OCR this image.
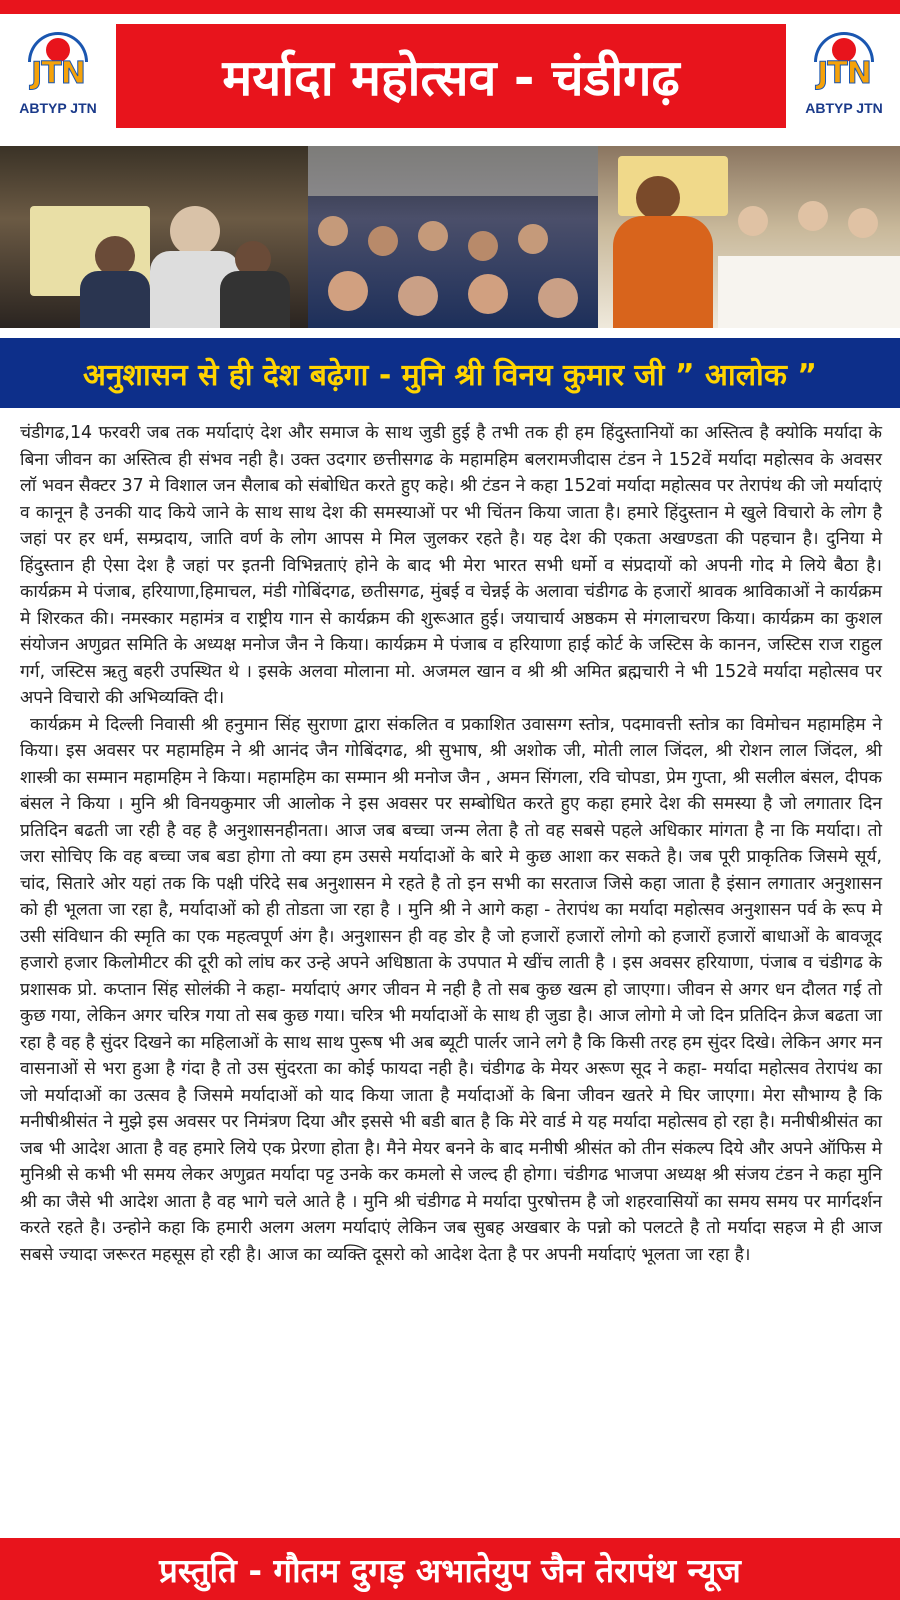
JTN
ABTYP JTN
मर्यादा महोत्सव - चंडीगढ़	JTN
ABTYP JTN
अनुशासन से ही देश बढ़ेगा - मुनि श्री विनय कुमार जी ” आलोक ”

चंडीगढ,14 फरवरी जब तक मर्यादाएं देश और समाज के साथ जुडी हुई है तभी तक ही हम हिंदुस्तानियों का अस्तित्व है क्योकि मर्यादा के बिना जीवन का अस्तित्व ही संभव नही है। उक्त उदगार छत्तीसगढ के महामहिम बलरामजीदास टंडन ने 152वें मर्यादा महोत्सव के अवसर लॉ भवन सैक्टर 37 मे विशाल जन सैलाब को संबोधित करते हुए कहे। श्री टंडन ने कहा 152वां मर्यादा महोत्सव पर तेरापंथ की जो मर्यादाएं व कानून है उनकी याद किये जाने के साथ साथ देश की समस्याओं पर भी चिंतन किया जाता है। हमारे हिंदुस्तान मे खुले विचारो के लोग है जहां पर हर धर्म, सम्प्रदाय, जाति वर्ण के लोग आपस मे मिल जुलकर रहते है। यह देश की एकता अखण्डता की पहचान है। दुनिया मे हिंदुस्तान ही ऐसा देश है जहां पर इतनी विभिन्नताएं होने के बाद भी मेरा भारत सभी धर्मो व संप्रदायों को अपनी गोद मे लिये बैठा है। कार्यक्रम मे पंजाब, हरियाणा,हिमाचल, मंडी गोबिंदगढ, छतीसगढ, मुंबई व चेन्नई के अलावा चंडीगढ के हजारों श्रावक श्राविकाओं ने कार्यक्रम मे शिरकत की। नमस्कार महामंत्र व राष्ट्रीय गान से कार्यक्रम की शुरूआत हुई। जयाचार्य अष्ठकम से मंगलाचरण किया। कार्यक्रम का कुशल संयोजन अणुव्रत समिति के अध्यक्ष मनोज जैन ने किया। कार्यक्रम मे पंजाब व हरियाणा हाई कोर्ट के जस्टिस के कानन, जस्टिस राज राहुल गर्ग, जस्टिस ऋतु बहरी उपस्थित थे । इसके अलवा मोलाना मो. अजमल खान व श्री श्री अमित ब्रह्मचारी ने भी 152वे मर्यादा महोत्सव पर अपने विचारो की अभिव्यक्ति दी।

कार्यक्रम मे दिल्ली निवासी श्री हनुमान सिंह सुराणा द्वारा संकलित व प्रकाशित उवासग्ग स्तोत्र, पदमावत्ती स्तोत्र का विमोचन महामहिम ने किया। इस अवसर पर महामहिम ने श्री आनंद जैन गोबिंदगढ, श्री सुभाष, श्री अशोक जी, मोती लाल जिंदल, श्री रोशन लाल जिंदल, श्री शास्त्री का सम्मान महामहिम ने किया। महामहिम का सम्मान श्री मनोज जैन , अमन सिंगला, रवि चोपडा, प्रेम गुप्ता, श्री सलील बंसल, दीपक बंसल ने किया । मुनि श्री विनयकुमार जी आलोक ने इस अवसर पर सम्बोधित करते हुए कहा हमारे देश की समस्या है जो लगातार दिन प्रतिदिन बढती जा रही है वह है अनुशासनहीनता। आज जब बच्चा जन्म लेता है तो वह सबसे पहले अधिकार मांगता है ना कि मर्यादा। तो जरा सोचिए कि वह बच्चा जब बडा होगा तो क्या हम उससे मर्यादाओं के बारे मे कुछ आशा कर सकते है। जब पूरी प्राकृतिक जिसमे सूर्य, चांद, सितारे ओर यहां तक कि पक्षी पंरिदे सब अनुशासन मे रहते है तो इन सभी का सरताज जिसे कहा जाता है इंसान लगातार अनुशासन को ही भूलता जा रहा है, मर्यादाओं को ही तोडता जा रहा है । मुनि श्री ने आगे कहा - तेरापंथ का मर्यादा महोत्सव अनुशासन पर्व के रूप मे उसी संविधान की स्मृति का एक महत्वपूर्ण अंग है। अनुशासन ही वह डोर है जो हजारों हजारों लोगो को हजारों हजारों बाधाओं के बावजूद हजारो हजार किलोमीटर की दूरी को लांघ कर उन्हे अपने अधिष्ठाता के उपपात मे खींच लाती है । इस अवसर हरियाणा, पंजाब व चंडीगढ के प्रशासक प्रो. कप्तान सिंह सोलंकी ने कहा- मर्यादाएं अगर जीवन मे नही है तो सब कुछ खत्म हो जाएगा। जीवन से अगर धन दौलत गई तो कुछ गया, लेकिन अगर चरित्र गया तो सब कुछ गया। चरित्र भी मर्यादाओं के साथ ही जुडा है। आज लोगो मे जो दिन प्रतिदिन क्रेज बढता जा रहा है वह है सुंदर दिखने का महिलाओं के साथ साथ पुरूष भी अब ब्यूटी पार्लर जाने लगे है कि किसी तरह हम सुंदर दिखे। लेकिन अगर मन वासनाओं से भरा हुआ है गंदा है तो उस सुंदरता का कोई फायदा नही है। चंडीगढ के मेयर अरूण सूद ने कहा- मर्यादा महोत्सव तेरापंथ का जो मर्यादाओं का उत्सव है जिसमे मर्यादाओं को याद किया जाता है मर्यादाओं के बिना जीवन खतरे मे घिर जाएगा। मेरा सौभाग्य है कि मनीषीश्रीसंत ने मुझे इस अवसर पर निमंत्रण दिया और इससे भी बडी बात है कि मेरे वार्ड मे यह मर्यादा महोत्सव हो रहा है। मनीषीश्रीसंत का जब भी आदेश आता है वह हमारे लिये एक प्रेरणा होता है। मैने मेयर बनने के बाद मनीषी श्रीसंत को तीन संकल्प दिये और अपने ऑफिस मे मुनिश्री से कभी भी समय लेकर अणुव्रत मर्यादा पट्ट उनके कर कमलो से जल्द ही होगा। चंडीगढ भाजपा अध्यक्ष श्री संजय टंडन ने कहा मुनि श्री का जैसे भी आदेश आता है वह भागे चले आते है । मुनि श्री चंडीगढ मे मर्यादा पुरषोत्तम है जो शहरवासियों का समय समय पर मार्गदर्शन करते रहते है। उन्होने कहा कि हमारी अलग अलग मर्यादाएं लेकिन जब सुबह अखबार के पन्नो को पलटते है तो मर्यादा सहज मे ही आज सबसे ज्यादा जरूरत महसूस हो रही है। आज का व्यक्ति दूसरो को आदेश देता है पर अपनी मर्यादाएं भूलता जा रहा है।

प्रस्तुति - गौतम दुगड़ अभातेयुप जैन तेरापंथ न्यूज
